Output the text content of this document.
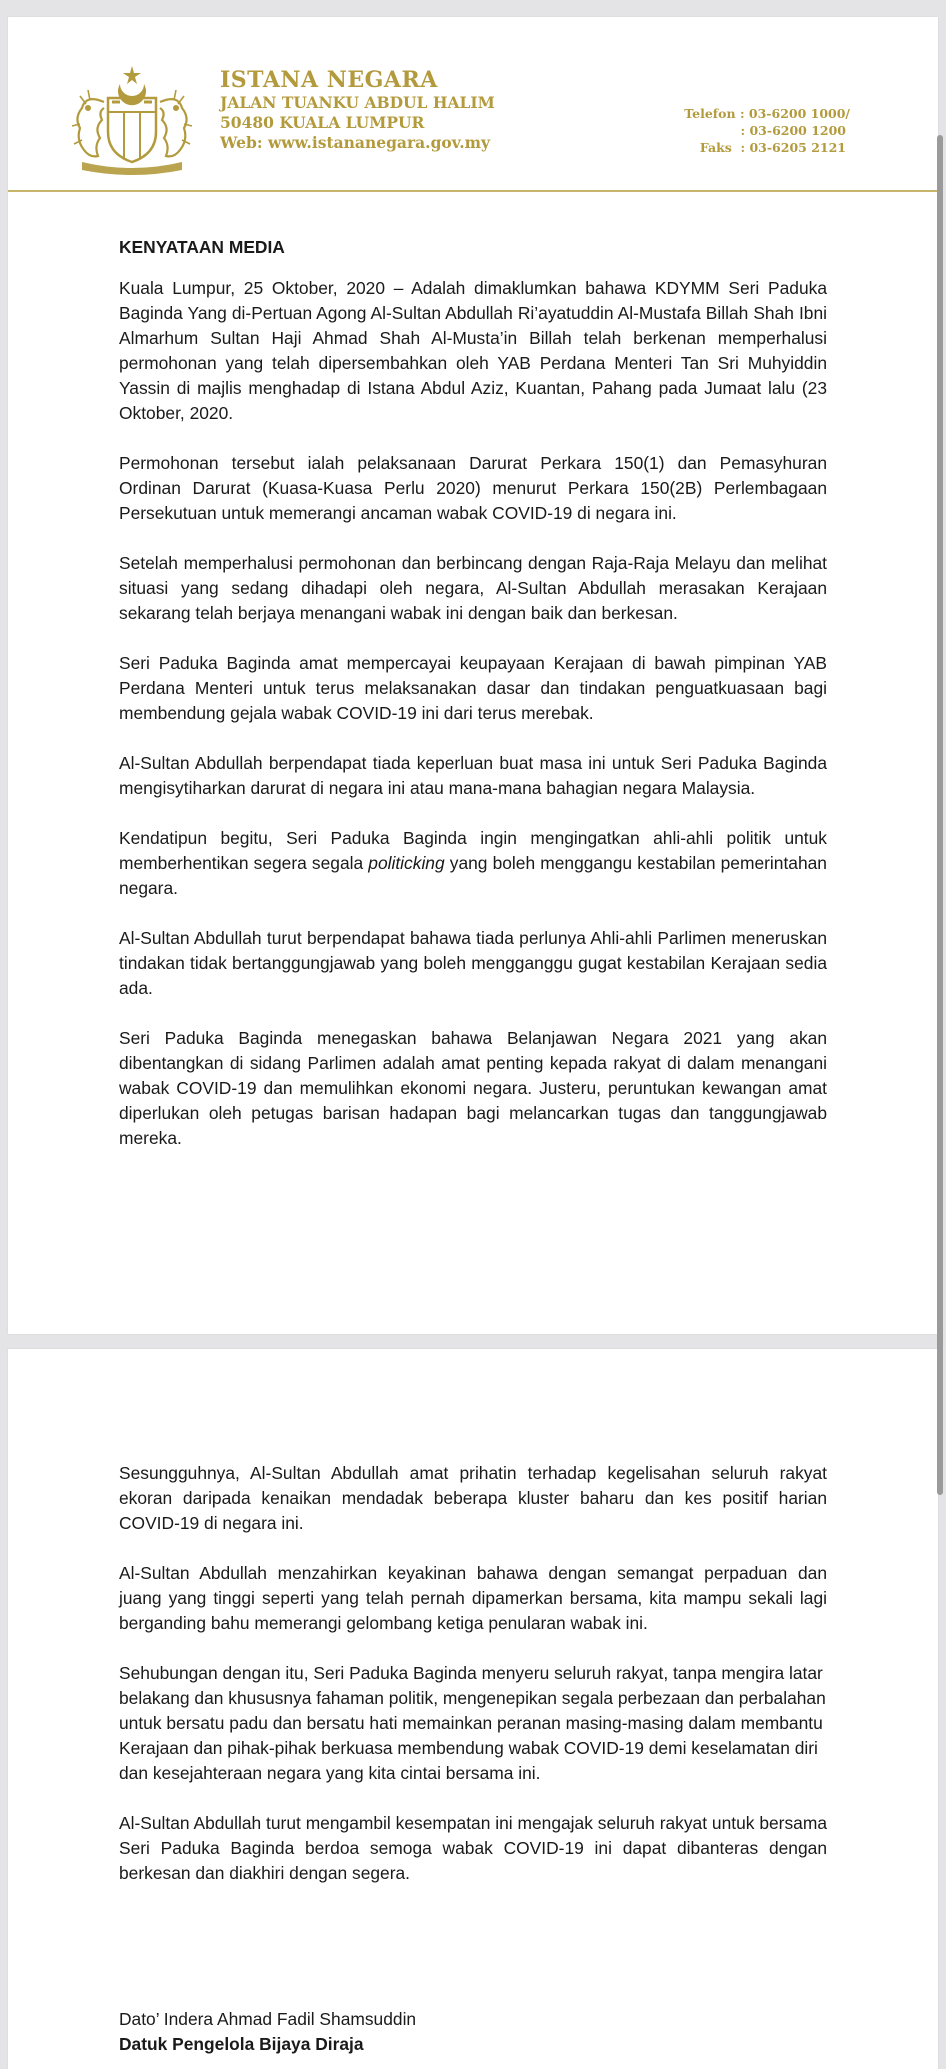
ISTANA NEGARA
JALAN TUANKU ABDUL HALIM
50480 KUALA LUMPUR
Web: www.istananegara.gov.my
Telefon : 03-6200 1000/
: 03-6200 1200
Faks  : 03-6205 2121
KENYATAAN MEDIA

Kuala Lumpur, 25 Oktober, 2020 – Adalah dimaklumkan bahawa KDYMM Seri Paduka Baginda Yang di-Pertuan Agong Al-Sultan Abdullah Ri’ayatuddin Al-Mustafa Billah Shah Ibni Almarhum Sultan Haji Ahmad Shah Al-Musta’in Billah telah berkenan memperhalusi permohonan yang telah dipersembahkan oleh YAB Perdana Menteri Tan Sri Muhyiddin Yassin di majlis menghadap di Istana Abdul Aziz, Kuantan, Pahang pada Jumaat lalu (23 Oktober, 2020.

Permohonan tersebut ialah pelaksanaan Darurat Perkara 150(1) dan Pemasyhuran Ordinan Darurat (Kuasa-Kuasa Perlu 2020) menurut Perkara 150(2B) Perlembagaan Persekutuan untuk memerangi ancaman wabak COVID-19 di negara ini.

Setelah memperhalusi permohonan dan berbincang dengan Raja-Raja Melayu dan melihat situasi yang sedang dihadapi oleh negara, Al-Sultan Abdullah merasakan Kerajaan sekarang telah berjaya menangani wabak ini dengan baik dan berkesan.

Seri Paduka Baginda amat mempercayai keupayaan Kerajaan di bawah pimpinan YAB Perdana Menteri untuk terus melaksanakan dasar dan tindakan penguatkuasaan bagi membendung gejala wabak COVID-19 ini dari terus merebak.

Al-Sultan Abdullah berpendapat tiada keperluan buat masa ini untuk Seri Paduka Baginda mengisytiharkan darurat di negara ini atau mana-mana bahagian negara Malaysia.

Kendatipun begitu, Seri Paduka Baginda ingin mengingatkan ahli-ahli politik untuk memberhentikan segera segala politicking yang boleh menggangu kestabilan pemerintahan negara.

Al-Sultan Abdullah turut berpendapat bahawa tiada perlunya Ahli-ahli Parlimen meneruskan tindakan tidak bertanggungjawab yang boleh mengganggu gugat kestabilan Kerajaan sedia ada.

Seri Paduka Baginda menegaskan bahawa Belanjawan Negara 2021 yang akan dibentangkan di sidang Parlimen adalah amat penting kepada rakyat di dalam menangani wabak COVID-19 dan memulihkan ekonomi negara. Justeru, peruntukan kewangan amat diperlukan oleh petugas barisan hadapan bagi melancarkan tugas dan tanggungjawab mereka.

Sesungguhnya, Al-Sultan Abdullah amat prihatin terhadap kegelisahan seluruh rakyat ekoran daripada kenaikan mendadak beberapa kluster baharu dan kes positif harian COVID-19 di negara ini.

Al-Sultan Abdullah menzahirkan keyakinan bahawa dengan semangat perpaduan dan juang yang tinggi seperti yang telah pernah dipamerkan bersama, kita mampu sekali lagi berganding bahu memerangi gelombang ketiga penularan wabak ini.

Sehubungan dengan itu, Seri Paduka Baginda menyeru seluruh rakyat, tanpa mengira latar belakang dan khususnya fahaman politik, mengenepikan segala perbezaan dan perbalahan untuk bersatu padu dan bersatu hati memainkan peranan masing-masing dalam membantu Kerajaan dan pihak-pihak berkuasa membendung wabak COVID-19 demi keselamatan diri dan kesejahteraan negara yang kita cintai bersama ini.

Al-Sultan Abdullah turut mengambil kesempatan ini mengajak seluruh rakyat untuk bersama Seri Paduka Baginda berdoa semoga wabak COVID-19 ini dapat dibanteras dengan berkesan dan diakhiri dengan segera.

Dato’ Indera Ahmad Fadil Shamsuddin
Datuk Pengelola Bijaya Diraja
